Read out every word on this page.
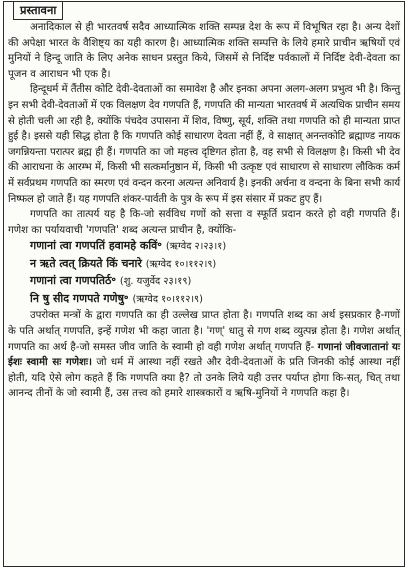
प्रस्तावना

अनादिकाल से ही भारतवर्ष सदैव आध्यात्मिक शक्ति सम्पन्न देश के रूप में विभूषित रहा है। अन्य देशों की अपेक्षा भारत के वैशिष्ट्य का यही कारण है। आध्यात्मिक शक्ति सम्पत्ति के लिये हमारे प्राचीन ऋषियों एवं मुनियों ने हिन्दू जाति के लिए अनेक साधन प्रस्तुत किये, जिसमें से निर्दिष्ट पर्वकालों में निर्दिष्ट देवी-देवता का पूजन व आराधन भी एक है।

हिन्दूधर्म में तैंतीस कोटि देवी-देवताओं का समावेश है और इनका अपना अलग-अलग प्रभुत्व भी है। किन्तु इन सभी देवी-देवताओं में एक विलक्षण देव गणपति हैं, गणपति की मान्यता भारतवर्ष में अत्यधिक प्राचीन समय से होती चली आ रही है, क्योंकि पंचदेव उपासना में शिव, विष्णु, सूर्य, शक्ति तथा गणपति को ही मान्यता प्राप्त हुई है। इससे यही सिद्ध होता है कि गणपति कोई साधारण देवता नहीं हैं, वे साक्षात् अनन्तकोटि ब्रह्माण्ड नायक जगन्नियन्ता परात्पर ब्रह्म ही हैं। गणपति का जो महत्त्व दृष्टिगत होता है, वह सभी से विलक्षण है। किसी भी देव की आराधना के आरम्भ में, किसी भी सत्कर्मानुष्ठान में, किसी भी उत्कृष्ट एवं साधारण से साधारण लौकिक कर्म में सर्वप्रथम गणपति का स्मरण एवं वन्दन करना अत्यन्त अनिवार्य है। इनकी अर्चना व वन्दना के बिना सभी कार्य निष्फल हो जाते हैं। यह गणपति शंकर-पार्वती के पुत्र के रूप में इस संसार में प्रकट हुए हैं।

गणपति का तात्पर्य यह है कि-जो सर्वविध गणों को सत्ता व स्फूर्ति प्रदान करते हो वही गणपति हैं। गणेश का पर्यायवाची 'गणपति' शब्द अत्यन्त प्राचीन है, क्योंकि-

गणानां त्वा गणपतिं हवामहे कविं॰ (ऋग्वेद २।२३।१)

न ऋते त्वत् क्रियते किं चनारे (ऋग्वेद १०।११२।९)

गणानां त्वा गणपतिर्ठ॰ (शु. यजुर्वेद २३।१९)

नि षु सीद गणपते गणेषु॰ (ऋग्वेद १०।११२।९)

उपरोक्त मन्त्रों के द्वारा गणपति का ही उल्लेख प्राप्त होता है। गणपति शब्द का अर्थ इसप्रकार है-गणों के पति अर्थात् गणपति, इन्हें गणेश भी कहा जाता है। 'गण्' धातु से गण शब्द व्युत्पन्न होता है। गणेश अर्थात् गणपति का अर्थ है-जो समस्त जीव जाति के स्वामी हो वही गणेश अर्थात् गणपति हैं- गणानां जीवजातानां यः ईशः स्वामी सः गणेशः। जो धर्म में आस्था नहीं रखते और देवी-देवताओं के प्रति जिनकी कोई आस्था नहीं होती, यदि ऐसे लोग कहते हैं कि गणपति क्या है? तो उनके लिये यही उत्तर पर्याप्त होगा कि-सत्, चित् तथा आनन्द तीनों के जो स्वामी हैं, उस तत्त्व को हमारे शास्त्रकारों व ऋषि-मुनियों ने गणपति कहा है।
